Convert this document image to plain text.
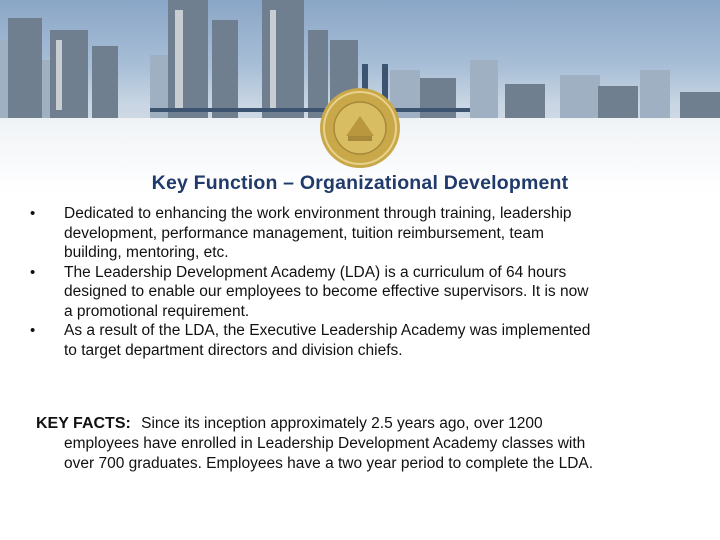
Key Function – Organizational Development
•	Dedicated to enhancing the work environment through training, leadership
development, performance management, tuition reimbursement, team
building, mentoring, etc.
•	The Leadership Development Academy (LDA) is a curriculum of 64 hours
designed to enable our employees to become effective supervisors. It is now
a promotional requirement.
•	As a result of the LDA, the Executive Leadership Academy was implemented
to target department directors and division chiefs.
KEY FACTS: Since its inception approximately 2.5 years ago, over 1200
employees have enrolled in Leadership Development Academy classes with
over 700 graduates. Employees have a two year period to complete the LDA.
